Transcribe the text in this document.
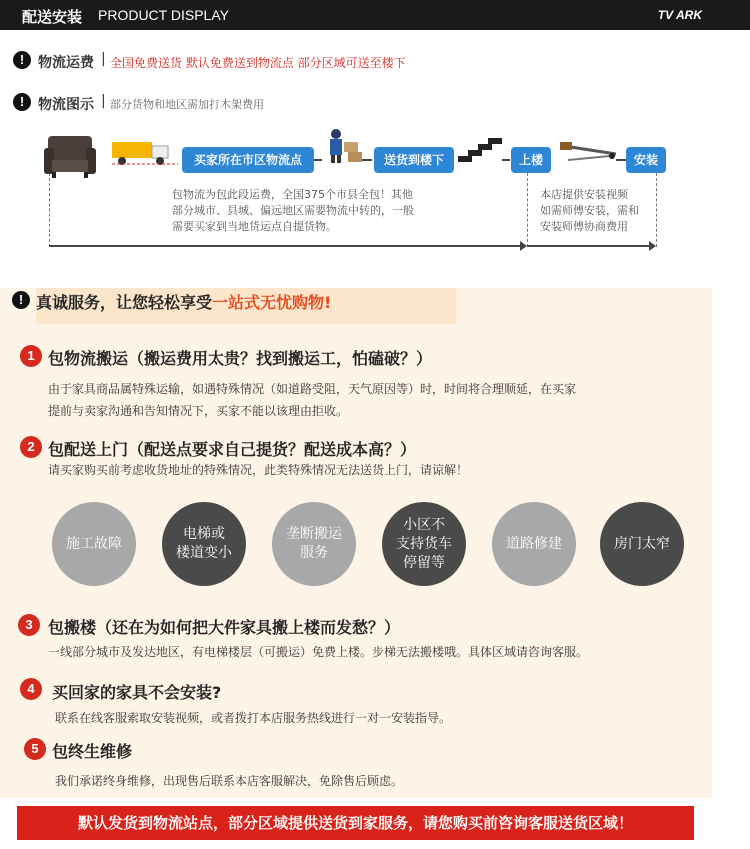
配送安装 PRODUCT DISPLAY	TV ARK
! 物流运费 | 全国免费送货 默认免费送到物流点 部分区域可送至楼下
! 物流图示 | 部分货物和地区需加打木架费用
买家所在市区物流点	送货到楼下	上楼	安装
包物流为包此段运费，全国375个市县全包！其他
部分城市、县城、偏远地区需要物流中转的，一般
需要买家到当地货运点自提货物。
本店提供安装视频
如需师傅安装，需和
安装师傅协商费用
! 真诚服务，让您轻松享受一站式无忧购物!
1 包物流搬运（搬运费用太贵？找到搬运工，怕磕破？）
由于家具商品属特殊运输，如遇特殊情况（如道路受阻，天气原因等）时，时间将合理顺延，在买家
提前与卖家沟通和告知情况下，买家不能以该理由拒收。
2 包配送上门（配送点要求自己提货？配送成本高？）
请买家购买前考虑收货地址的特殊情况，此类特殊情况无法送货上门，请谅解！
施工故障
电梯或
楼道变小
垄断搬运
服务
小区不
支持货车
停留等
道路修建	房门太窄
3 包搬楼（还在为如何把大件家具搬上楼而发愁？）
一线部分城市及发达地区，有电梯楼层（可搬运）免费上楼。步梯无法搬楼哦。具体区域请咨询客服。
4	买回家的家具不会安装?
联系在线客服索取安装视频，或者拨打本店服务热线进行一对一安装指导。
5 包终生维修
我们承诺终身维修，出现售后联系本店客服解决，免除售后顾虑。
默认发货到物流站点，部分区域提供送货到家服务，请您购买前咨询客服送货区域！
